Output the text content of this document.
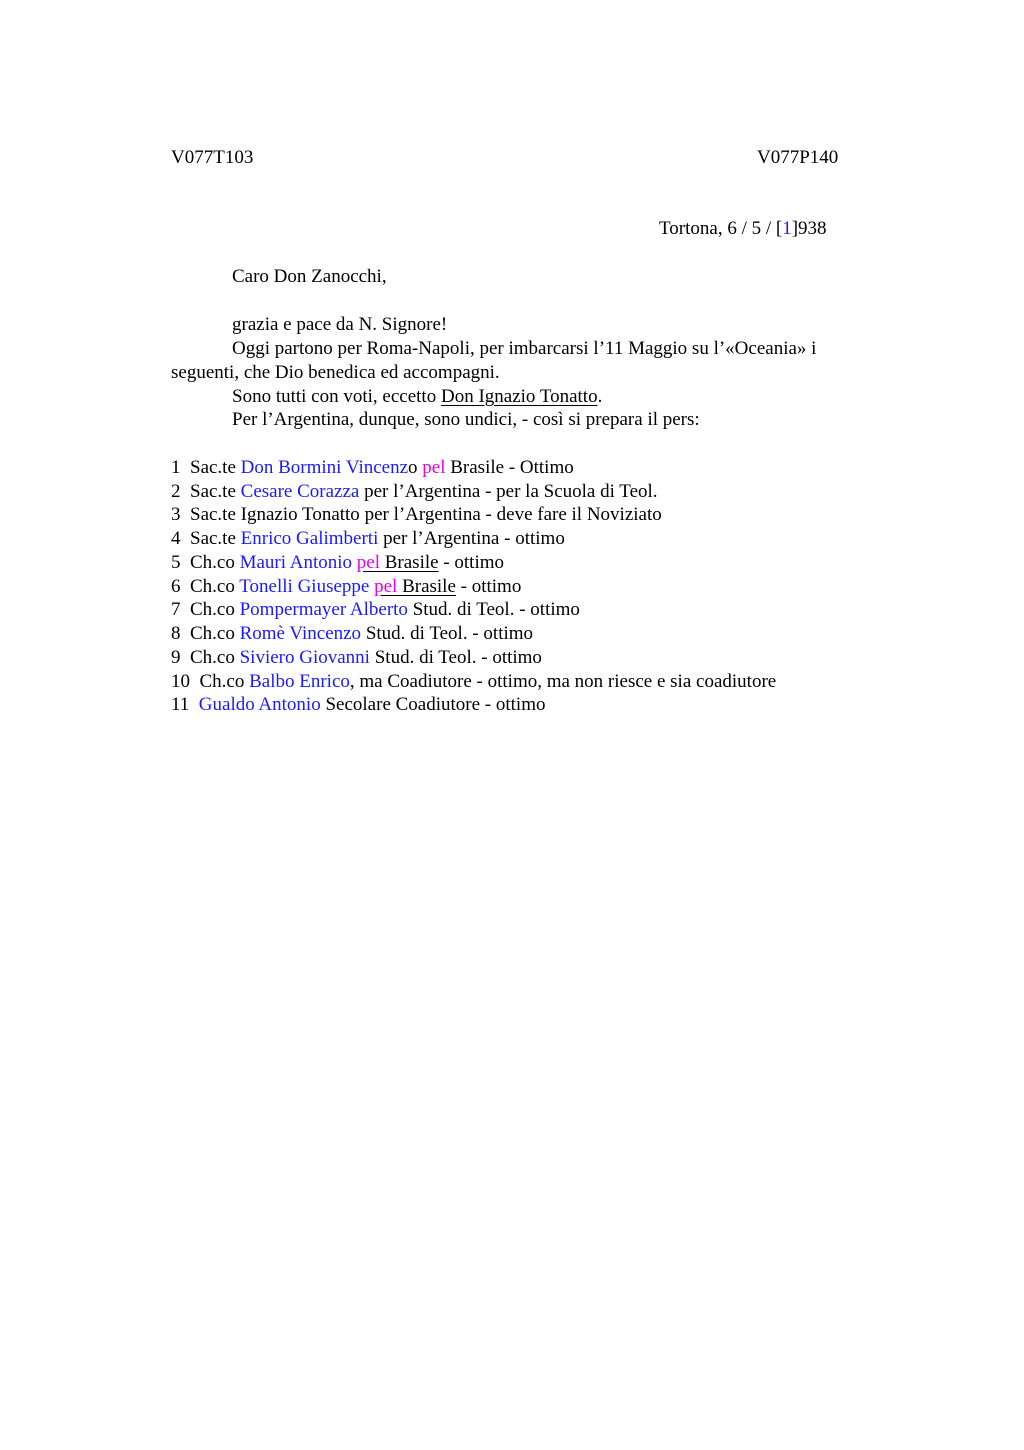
V077T103	V077P140
Tortona, 6 / 5 / [1]938
Caro Don Zanocchi,
grazia e pace da N. Signore!
Oggi partono per Roma-Napoli, per imbarcarsi l’11 Maggio su l’«Oceania» i seguenti, che Dio benedica ed accompagni.
Sono tutti con voti, eccetto Don Ignazio Tonatto.
Per l’Argentina, dunque, sono undici, - così si prepara il pers:
1 Sac.te Don Bormini Vincenzo pel Brasile - Ottimo
2 Sac.te Cesare Corazza per l’Argentina - per la Scuola di Teol.
3 Sac.te Ignazio Tonatto per l’Argentina - deve fare il Noviziato
4 Sac.te Enrico Galimberti per l’Argentina - ottimo
5 Ch.co Mauri Antonio pel Brasile - ottimo
6 Ch.co Tonelli Giuseppe pel Brasile - ottimo
7 Ch.co Pompermayer Alberto Stud. di Teol. - ottimo
8 Ch.co Romè Vincenzo Stud. di Teol. - ottimo
9 Ch.co Siviero Giovanni Stud. di Teol. - ottimo
10 Ch.co Balbo Enrico, ma Coadiutore - ottimo, ma non riesce e sia coadiutore
11 Gualdo Antonio Secolare Coadiutore - ottimo
